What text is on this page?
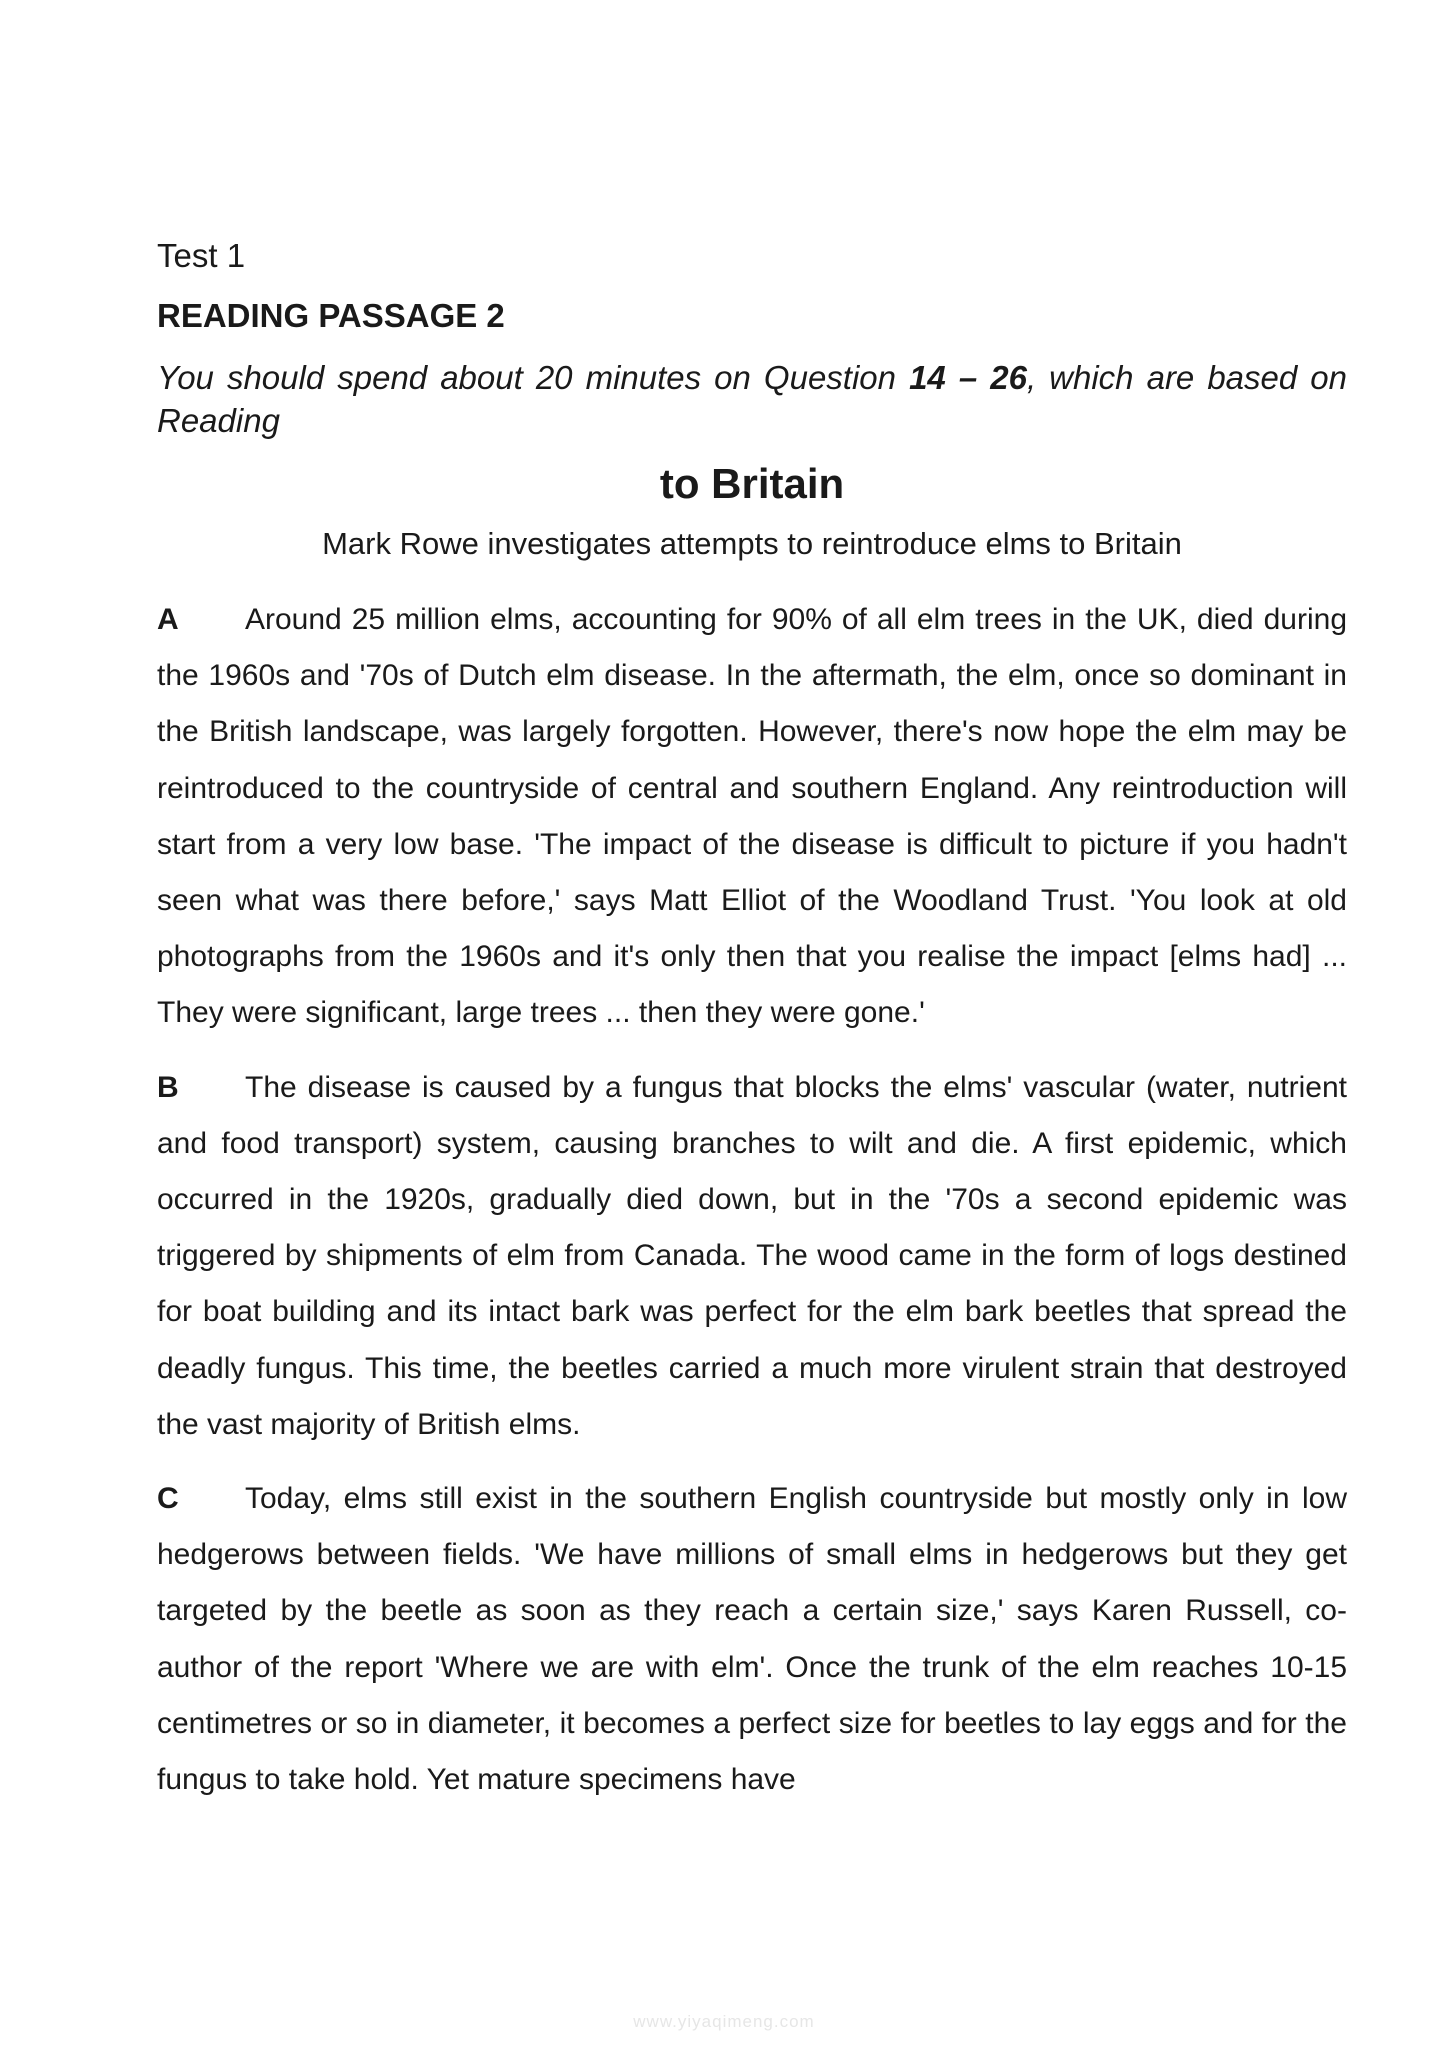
Test 1
READING PASSAGE 2
You should spend about 20 minutes on Question 14 – 26, which are based on Reading
to Britain
Mark Rowe investigates attempts to reintroduce elms to Britain
A Around 25 million elms, accounting for 90% of all elm trees in the UK, died during the 1960s and '70s of Dutch elm disease. In the aftermath, the elm, once so dominant in the British landscape, was largely forgotten. However, there's now hope the elm may be reintroduced to the countryside of central and southern England. Any reintroduction will start from a very low base. 'The impact of the disease is difficult to picture if you hadn't seen what was there before,' says Matt Elliot of the Woodland Trust. 'You look at old photographs from the 1960s and it's only then that you realise the impact [elms had] ... They were significant, large trees ... then they were gone.'
B The disease is caused by a fungus that blocks the elms' vascular (water, nutrient and food transport) system, causing branches to wilt and die. A first epidemic, which occurred in the 1920s, gradually died down, but in the '70s a second epidemic was triggered by shipments of elm from Canada. The wood came in the form of logs destined for boat building and its intact bark was perfect for the elm bark beetles that spread the deadly fungus. This time, the beetles carried a much more virulent strain that destroyed the vast majority of British elms.
C Today, elms still exist in the southern English countryside but mostly only in low hedgerows between fields. 'We have millions of small elms in hedgerows but they get targeted by the beetle as soon as they reach a certain size,' says Karen Russell, co-author of the report 'Where we are with elm'. Once the trunk of the elm reaches 10-15 centimetres or so in diameter, it becomes a perfect size for beetles to lay eggs and for the fungus to take hold. Yet mature specimens have
www.yiyaqimeng.com
